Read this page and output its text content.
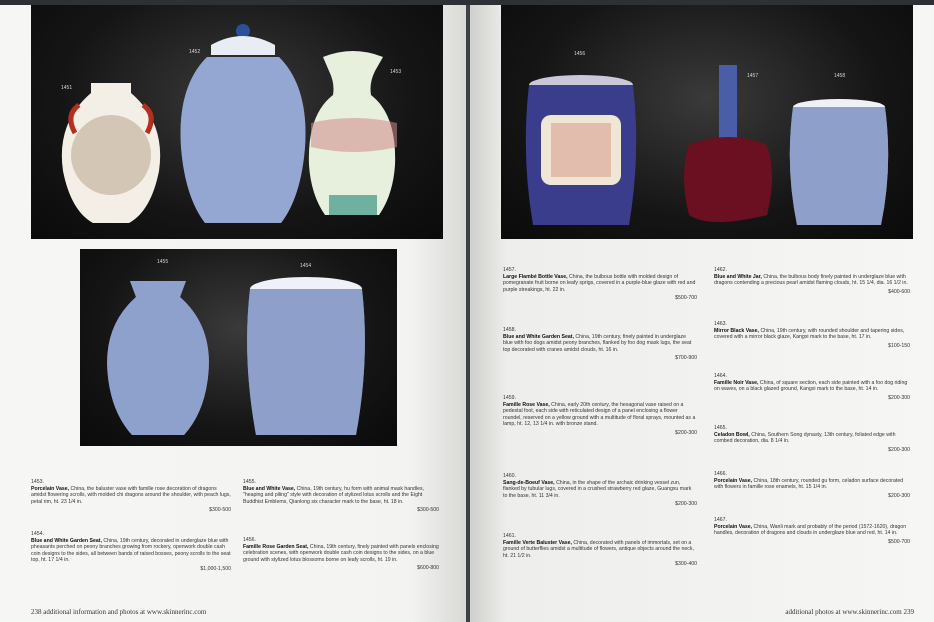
1451
1452
1453
1455
1454
1453.
Porcelain Vase, China, the baluster vase with famille rose decoration of dragons amidst flowering scrolls, with molded chi dragons around the shoulder, with peach lugs, petal rim, ht. 23 1/4 in.
$300-500
1454.
Blue and White Garden Seat, China, 19th century, decorated in underglaze blue with pheasants perched on peony branches growing from rockery, openwork double cash coin designs to the sides, all between bands of raised bosses, peony scrolls to the seat top, ht. 17 1/4 in.
$1,000-1,500
1455.
Blue and White Vase, China, 19th century, hu form with animal mask handles, "heaping and piling" style with decoration of stylized lotus scrolls and the Eight Buddhist Emblems, Qianlong six character mark to the base, ht. 18 in.
$300-500
1456.
Famille Rose Garden Seat, China, 19th century, finely painted with panels enclosing celebration scenes, with openwork double cash coin designs to the sides, on a blue ground with stylized lotus blossoms borne on leafy scrolls, ht. 19 in.
$600-800
238 additional information and photos at www.skinnerinc.com
1456
1457	1458
1457.
Large Flambé Bottle Vase, China, the bulbous bottle with molded design of pomegranate fruit borne on leafy sprigs, covered in a purple-blue glaze with red and purple streakings, ht. 22 in.
$500-700
1458.
Blue and White Garden Seat, China, 19th century, finely painted in underglaze blue with foo dogs amidst peony branches, flanked by foo dog mask lugs, the seat top decorated with cranes amidst clouds, ht. 16 in.
$700-900
1459.
Famille Rose Vase, China, early 20th century, the hexagonal vase raised on a pedestal foot, each side with reticulated design of a panel enclosing a flower roundel, reserved on a yellow ground with a multitude of floral sprays, mounted as a lamp, ht. 12, 13 1/4 in. with bronze stand.
$200-300
1460.
Sang-de-Boeuf Vase, China, in the shape of the archaic drinking vessel zun, flanked by tubular lugs, covered in a crushed strawberry red glaze, Guangxu mark to the base, ht. 11 3/4 in.
$200-300
1461.
Famille Verte Baluster Vase, China, decorated with panels of immortals, set on a ground of butterflies amidst a multitude of flowers, antique objects around the neck, ht. 21 1/2 in.
$300-400
1462.
Blue and White Jar, China, the bulbous body finely painted in underglaze blue with dragons contending a precious pearl amidst flaming clouds, ht. 15 1/4, dia. 16 1/2 in.
$400-600
1463.
Mirror Black Vase, China, 19th century, with rounded shoulder and tapering sides, covered with a mirror black glaze, Kangxi mark to the base, ht. 17 in.
$100-150
1464.
Famille Noir Vase, China, of square section, each side painted with a foo dog riding on waves, on a black glazed ground, Kangxi mark to the base, ht. 14 in.
$200-300
1465.
Celadon Bowl, China, Southern Song dynasty, 13th century, foliated edge with combed decoration, dia. 8 1/4 in.
$200-300
1466.
Porcelain Vase, China, 18th century, rounded gu form, celadon surface decorated with flowers in famille rose enamels, ht. 15 1/4 in.
$200-300
1467.
Porcelain Vase, China, Wanli mark and probably of the period (1572-1620), dragon handles, decoration of dragons and clouds in underglaze blue and red, ht. 14 in.
$500-700
additional photos at www.skinnerinc.com 239
